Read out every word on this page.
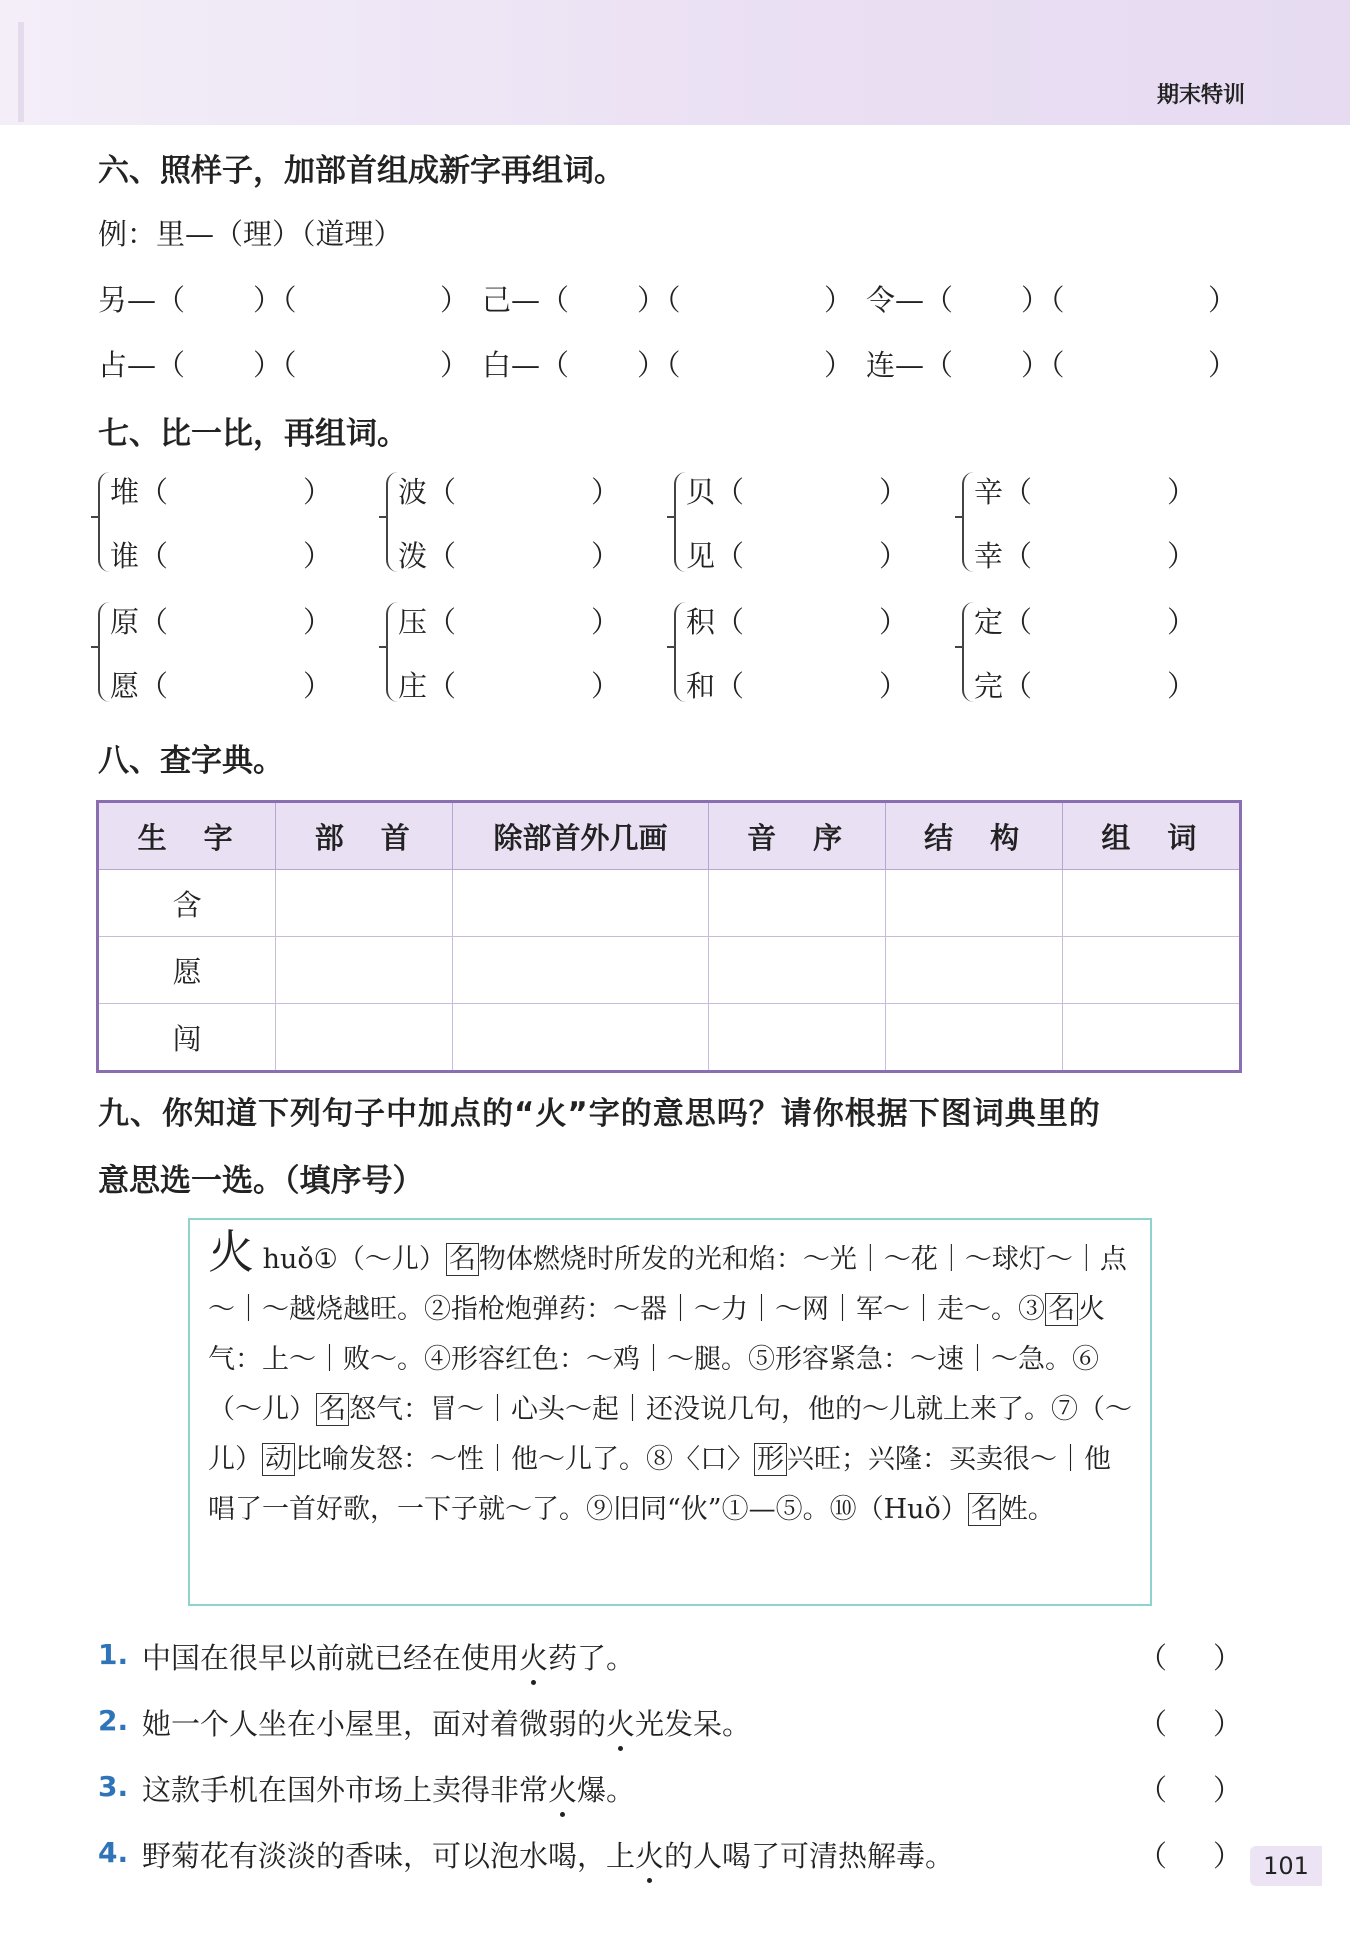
期末特训
六、照样子，加部首组成新字再组词。
例：里—（理）（道理）
另—（ ）（	） 己—（ ）（	） 令—（ ）（	）
占—（ ）（	） 白—（ ）（	） 连—（ ）（	）
七、比一比，再组词。
堆（	）
谁（	）
波（	）
泼（	）
贝（	）
见（	）
辛（	）
幸（	）
原（	）
愿（	）
压（	）
庄（	）
积（	）
和（	）
定（	）
完（	）
八、查字典。
生　字	部　首	除部首外几画	音　序	结　构	组　词
含					
愿					
闯					
九、你知道下列句子中加点的“火”字的意思吗？请你根据下图词典里的
意思选一选。（填序号）
火 huǒ①（～儿） 名 物体燃烧时所发的光和焰：～光｜～花｜～球灯～｜点～｜～越烧越旺。②指枪炮弹药：～器｜～力｜～网｜军～｜走～。③ 名 火气：上～｜败～。④形容红色：～鸡｜～腿。⑤形容紧急：～速｜～急。⑥（～儿） 名 怒气：冒～｜心头～起｜还没说几句，他的～儿就上来了。⑦（～儿） 动 比喻发怒：～性｜他～儿了。⑧〈口〉 形 兴旺；兴隆：买卖很～｜他唱了一首好歌，一下子就～了。⑨旧同“伙”①—⑤。⑩（Huǒ） 名 姓。
1. 中国在很早以前就已经在使用火药了。	（ ）
2. 她一个人坐在小屋里，面对着微弱的火光发呆。	（ ）
3. 这款手机在国外市场上卖得非常火爆。	（ ）
4. 野菊花有淡淡的香味，可以泡水喝，上火的人喝了可清热解毒。	（ ） 101
